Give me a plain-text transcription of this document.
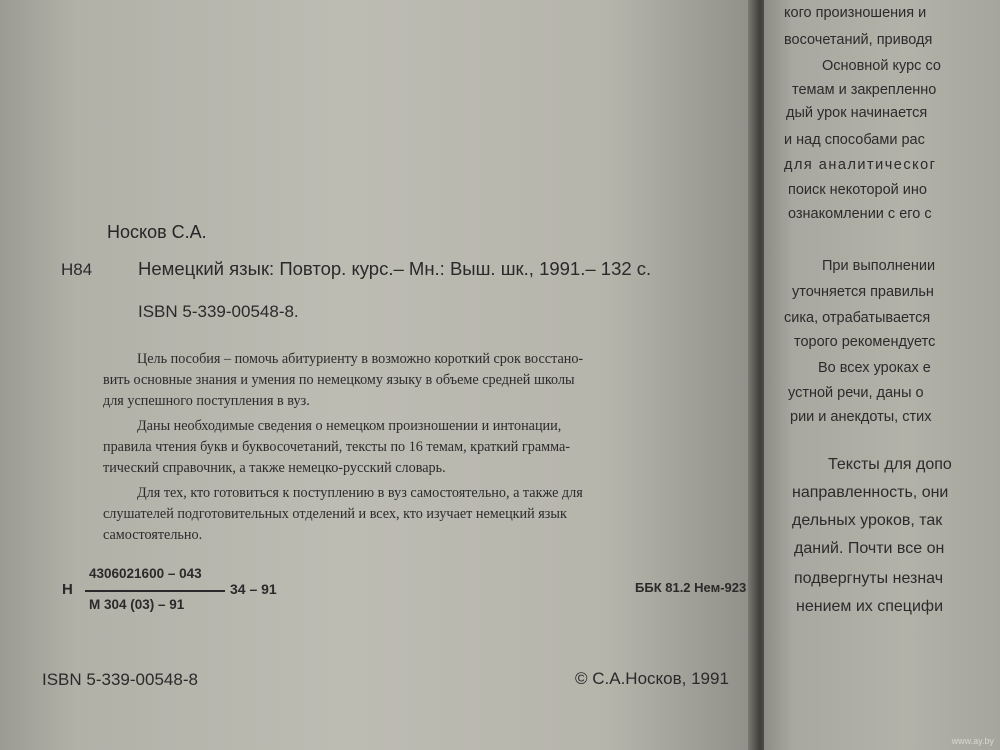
Носков С.А.
Н84 Немецкий язык: Повтор. курс.– Мн.: Выш. шк., 1991.– 132 с.
ISBN 5-339-00548-8.

Цель пособия – помочь абитуриенту в возможно короткий срок восстано-
вить основные знания и умения по немецкому языку в объеме средней школы
для успешного поступления в вуз.

Даны необходимые сведения о немецком произношении и интонации,
правила чтения букв и буквосочетаний, тексты по 16 темам, краткий грамма-
тический справочник, а также немецко-русский словарь.

Для тех, кто готовиться к поступлению в вуз самостоятельно, а также для
слушателей подготовительных отделений и всех, кто изучает немецкий язык
самостоятельно.

Н
4306021600 – 043
М 304 (03) – 91
34 – 91	ББК 81.2 Нем-923
ISBN 5-339-00548-8	© С.А.Носков, 1991
кого произношения и
восочетаний, приводя
Основной курс со
темам и закрепленно
дый урок начинается
и над способами рас
для аналитическог
поиск некоторой ино
ознакомлении с его с
При выполнении
уточняется правильн
сика, отрабатывается
торого рекомендуетс
Во всех уроках е
устной речи, даны о
рии и анекдоты, стих
Тексты для допо
направленность, они
дельных уроков, так
даний. Почти все он
подвергнуты незнач
нением их специфи
www.ay.by
